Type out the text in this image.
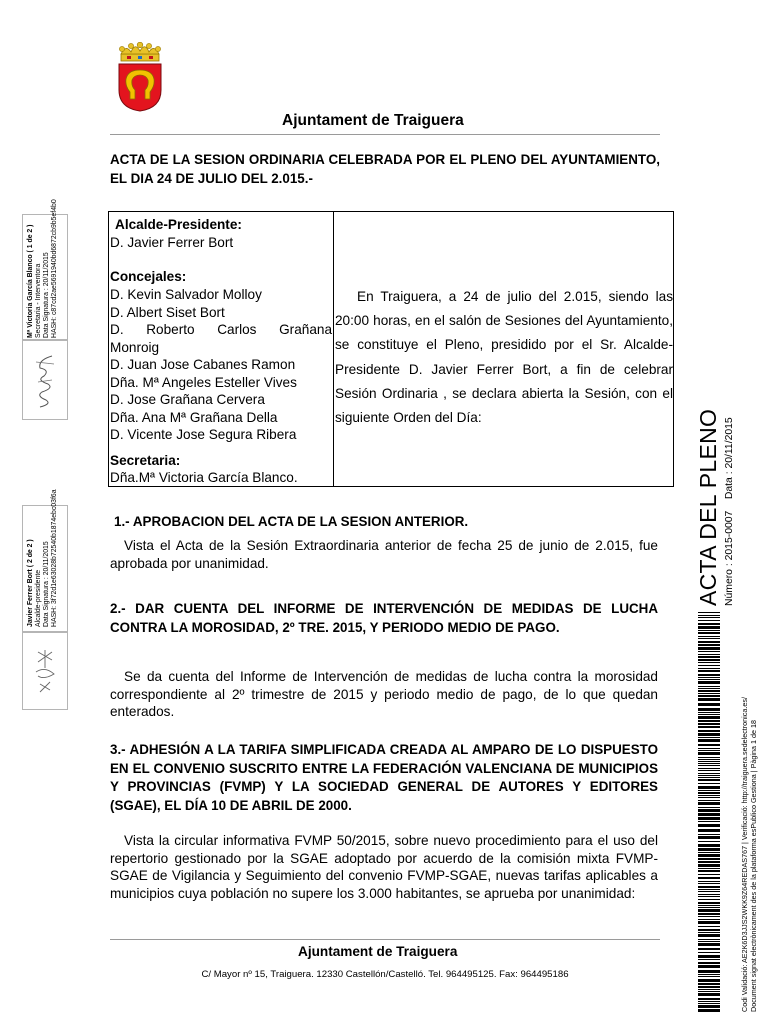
Ajuntament de Traiguera
ACTA DE LA SESION ORDINARIA CELEBRADA POR EL PLENO DEL AYUNTAMIENTO, EL DIA 24 DE JULIO DEL 2.015.-
Alcalde-Presidente:
D. Javier Ferrer Bort
Concejales:
D. Kevin Salvador Molloy
D. Albert Siset Bort
D. Roberto Carlos Grañana
Monroig
D. Juan Jose Cabanes Ramon
Dña. Mª Angeles Esteller Vives
D. Jose Grañana Cervera
Dña. Ana Mª Grañana Della
D. Vicente Jose Segura Ribera
Secretaria:
Dña.Mª Victoria García Blanco.
En Traiguera, a 24 de julio del 2.015, siendo las 20:00 horas, en el salón de Sesiones del Ayuntamiento, se constituye el Pleno, presidido por el Sr. Alcalde-Presidente D. Javier Ferrer Bort, a fin de celebrar Sesión Ordinaria , se declara abierta la Sesión, con el siguiente Orden del Día:
1.- APROBACION DEL ACTA DE LA SESION ANTERIOR.
Vista el Acta de la Sesión Extraordinaria anterior de fecha 25 de junio de 2.015, fue aprobada por unanimidad.
2.- DAR CUENTA DEL INFORME DE INTERVENCIÓN DE MEDIDAS DE LUCHA CONTRA LA MOROSIDAD, 2º TRE. 2015, Y PERIODO MEDIO DE PAGO.
Se da cuenta del Informe de Intervención de medidas de lucha contra la morosidad correspondiente al 2º trimestre de 2015 y periodo medio de pago, de lo que quedan enterados.
3.- ADHESIÓN A LA TARIFA SIMPLIFICADA CREADA AL AMPARO DE LO DISPUESTO EN EL CONVENIO SUSCRITO ENTRE LA FEDERACIÓN VALENCIANA DE MUNICIPIOS Y PROVINCIAS (FVMP) Y LA SOCIEDAD GENERAL DE AUTORES Y EDITORES (SGAE), EL DÍA 10 DE ABRIL DE 2000.
Vista la circular informativa FVMP 50/2015, sobre nuevo procedimiento para el uso del repertorio gestionado por la SGAE adoptado por acuerdo de la comisión mixta FVMP-SGAE de Vigilancia y Seguimiento del convenio FVMP-SGAE, nuevas tarifas aplicables a municipios cuya población no supere los 3.000 habitantes, se aprueba por unanimidad:
Ajuntament de Traiguera
C/ Mayor nº 15, Traiguera. 12330 Castellón/Castelló. Tel. 964495125. Fax: 964495186
Mª Victoria García Blanco ( 1 de 2 ) Secretaria - Interventora Data Signatura : 20/11/2015 HASH: c87cd2ae5691940bd6872cb9b5ef4b0
Javier Ferrer Bort ( 2 de 2 ) Alcalde-presidente Data Signatura : 20/11/2015 HASH: 3f72d1e63028b72540b1874ebc03f6a	ACTA DEL PLENO Número : 2015-0007    Data : 20/11/2015
Codi Validació: AE2K6D3JJS2WKK9Z64REDAS767 | Verificació: http://traiguera.sedelectronica.es/ Document signat electrònicament des de la plataforma esPublico Gestiona | Pàgina 1 de 18
